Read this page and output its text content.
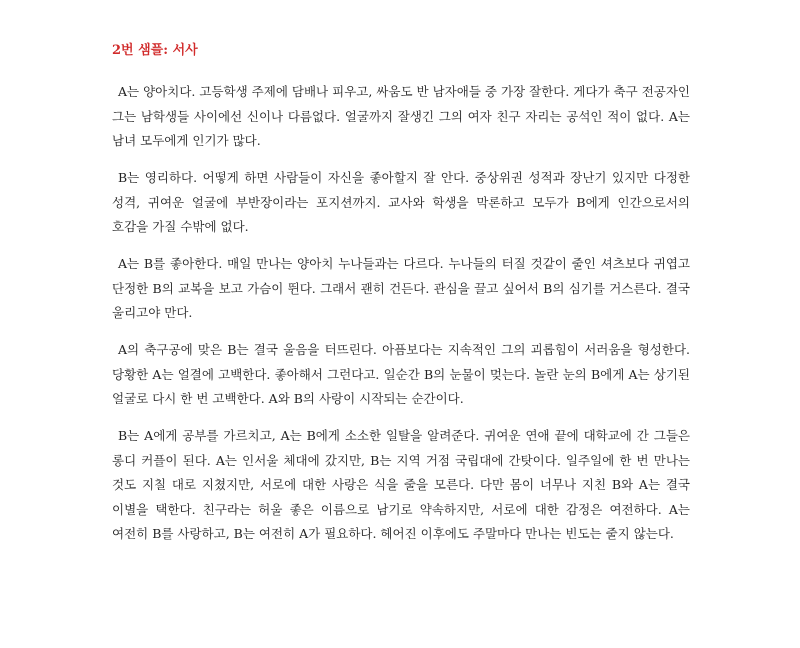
2번 샘플: 서사

A는 양아치다. 고등학생 주제에 담배나 피우고, 싸움도 반 남자애들 중 가장 잘한다. 게다가 축구 전공자인 그는 남학생들 사이에선 신이나 다름없다. 얼굴까지 잘생긴 그의 여자 친구 자리는 공석인 적이 없다. A는 남녀 모두에게 인기가 많다.

B는 영리하다. 어떻게 하면 사람들이 자신을 좋아할지 잘 안다. 중상위권 성적과 장난기 있지만 다정한 성격, 귀여운 얼굴에 부반장이라는 포지션까지. 교사와 학생을 막론하고 모두가 B에게 인간으로서의 호감을 가질 수밖에 없다.

A는 B를 좋아한다. 매일 만나는 양아치 누나들과는 다르다. 누나들의 터질 것같이 줄인 셔츠보다 귀엽고 단정한 B의 교복을 보고 가슴이 뛴다. 그래서 괜히 건든다. 관심을 끌고 싶어서 B의 심기를 거스른다. 결국 울리고야 만다.

A의 축구공에 맞은 B는 결국 울음을 터뜨린다. 아픔보다는 지속적인 그의 괴롭힘이 서러움을 형성한다. 당황한 A는 얼결에 고백한다. 좋아해서 그런다고. 일순간 B의 눈물이 멎는다. 놀란 눈의 B에게 A는 상기된 얼굴로 다시 한 번 고백한다. A와 B의 사랑이 시작되는 순간이다.

B는 A에게 공부를 가르치고, A는 B에게 소소한 일탈을 알려준다. 귀여운 연애 끝에 대학교에 간 그들은 롱디 커플이 된다. A는 인서울 체대에 갔지만, B는 지역 거점 국립대에 간탓이다. 일주일에 한 번 만나는 것도 지칠 대로 지쳤지만, 서로에 대한 사랑은 식을 줄을 모른다. 다만 몸이 너무나 지친 B와 A는 결국 이별을 택한다. 친구라는 허울 좋은 이름으로 남기로 약속하지만, 서로에 대한 감정은 여전하다. A는 여전히 B를 사랑하고, B는 여전히 A가 필요하다. 헤어진 이후에도 주말마다 만나는 빈도는 줄지 않는다.
